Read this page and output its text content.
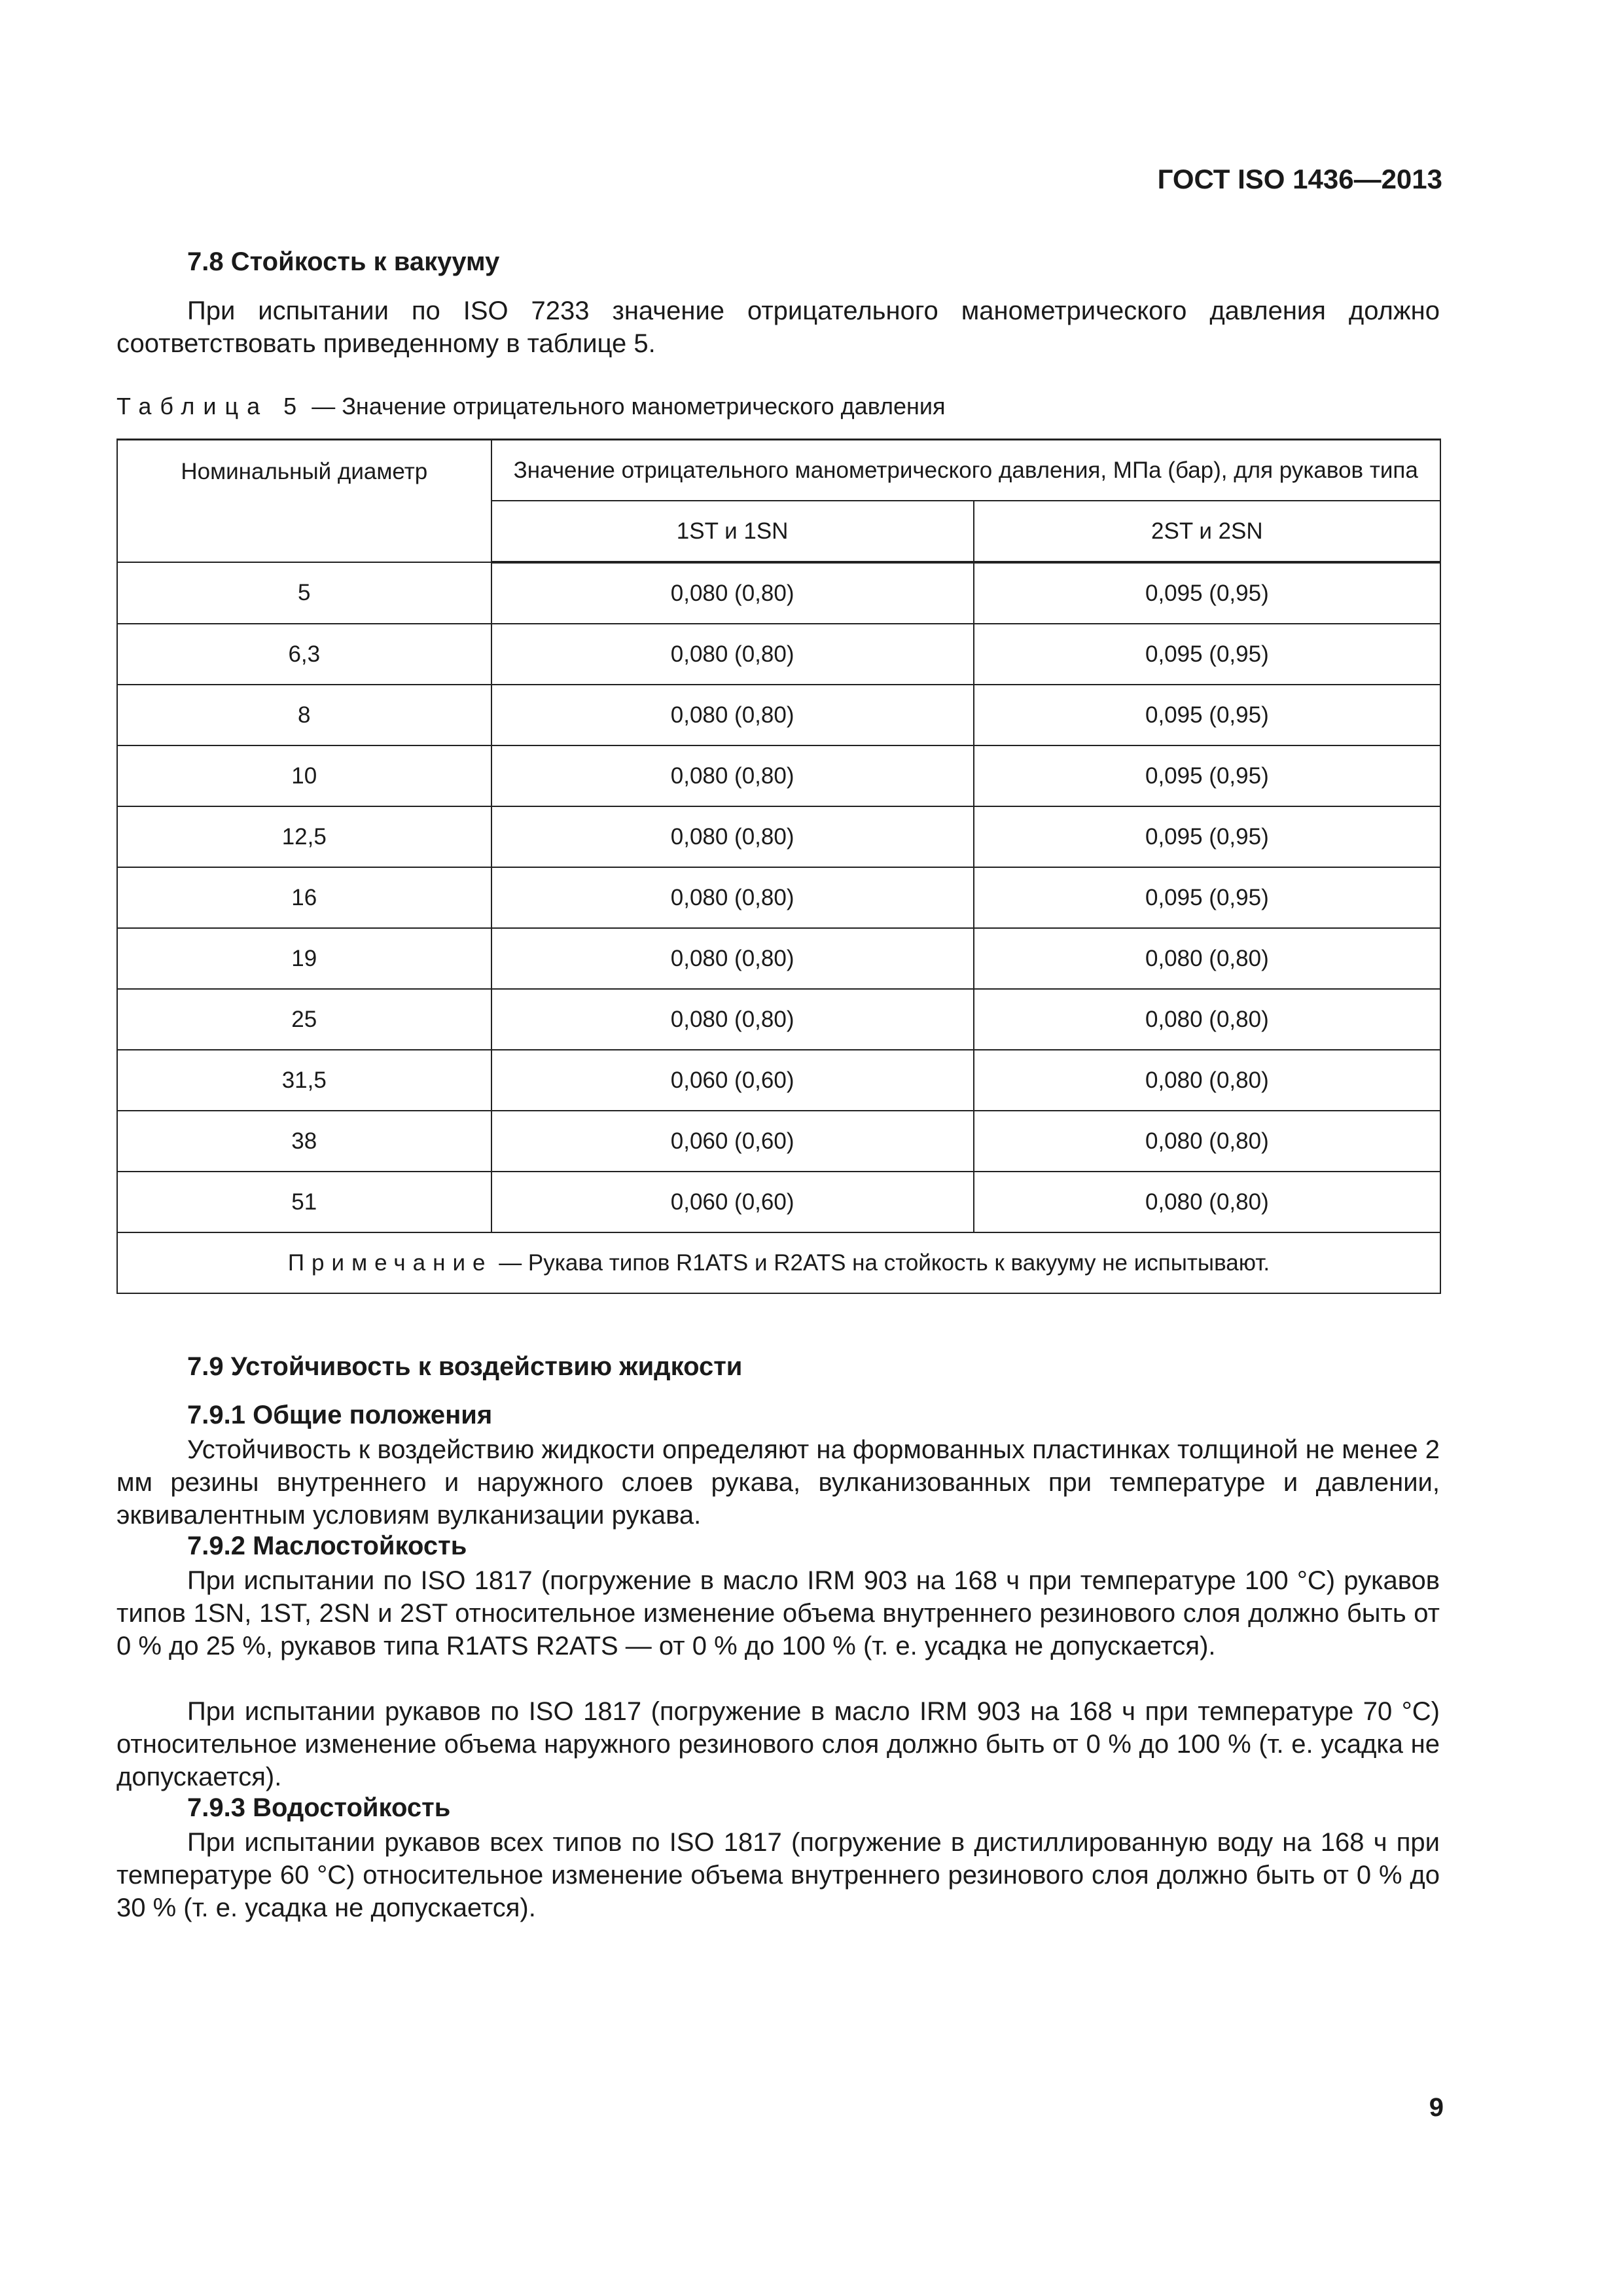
ГОСТ ISO 1436—2013
7.8 Стойкость к вакууму

При испытании по ISO 7233 значение отрицательного манометрического давления должно соответствовать приведенному в таблице 5.

Таблица 5 — Значение отрицательного манометрического давления
Номинальный диаметр	Значение отрицательного манометрического давления, МПа (бар), для рукавов типа	
	1ST и 1SN	2ST и 2SN
5	0,080 (0,80)	0,095 (0,95)
6,3	0,080 (0,80)	0,095 (0,95)
8	0,080 (0,80)	0,095 (0,95)
10	0,080 (0,80)	0,095 (0,95)
12,5	0,080 (0,80)	0,095 (0,95)
16	0,080 (0,80)	0,095 (0,95)
19	0,080 (0,80)	0,080 (0,80)
25	0,080 (0,80)	0,080 (0,80)
31,5	0,060 (0,60)	0,080 (0,80)
38	0,060 (0,60)	0,080 (0,80)
51	0,060 (0,60)	0,080 (0,80)
Примечание — Рукава типов R1ATS и R2ATS на стойкость к вакууму не испытывают.		
7.9 Устойчивость к воздействию жидкости
7.9.1 Общие положения

Устойчивость к воздействию жидкости определяют на формованных пластинках толщиной не менее 2 мм резины внутреннего и наружного слоев рукава, вулканизованных при температуре и давлении, эквивалентным условиям вулканизации рукава.

7.9.2 Маслостойкость

При испытании по ISO 1817 (погружение в масло IRM 903 на 168 ч при температуре 100 °С) рукавов типов 1SN, 1ST, 2SN и 2ST относительное изменение объема внутреннего резинового слоя должно быть от 0 % до 25 %, рукавов типа R1ATS R2ATS — от 0 % до 100 % (т. е. усадка не допускается).

При испытании рукавов по ISO 1817 (погружение в масло IRM 903 на 168 ч при температуре 70 °С) относительное изменение объема наружного резинового слоя должно быть от 0 % до 100 % (т. е. усадка не допускается).

7.9.3 Водостойкость

При испытании рукавов всех типов по ISO 1817 (погружение в дистиллированную воду на 168 ч при температуре 60 °С) относительное изменение объема внутреннего резинового слоя должно быть от 0 % до 30 % (т. е. усадка не допускается).

9
